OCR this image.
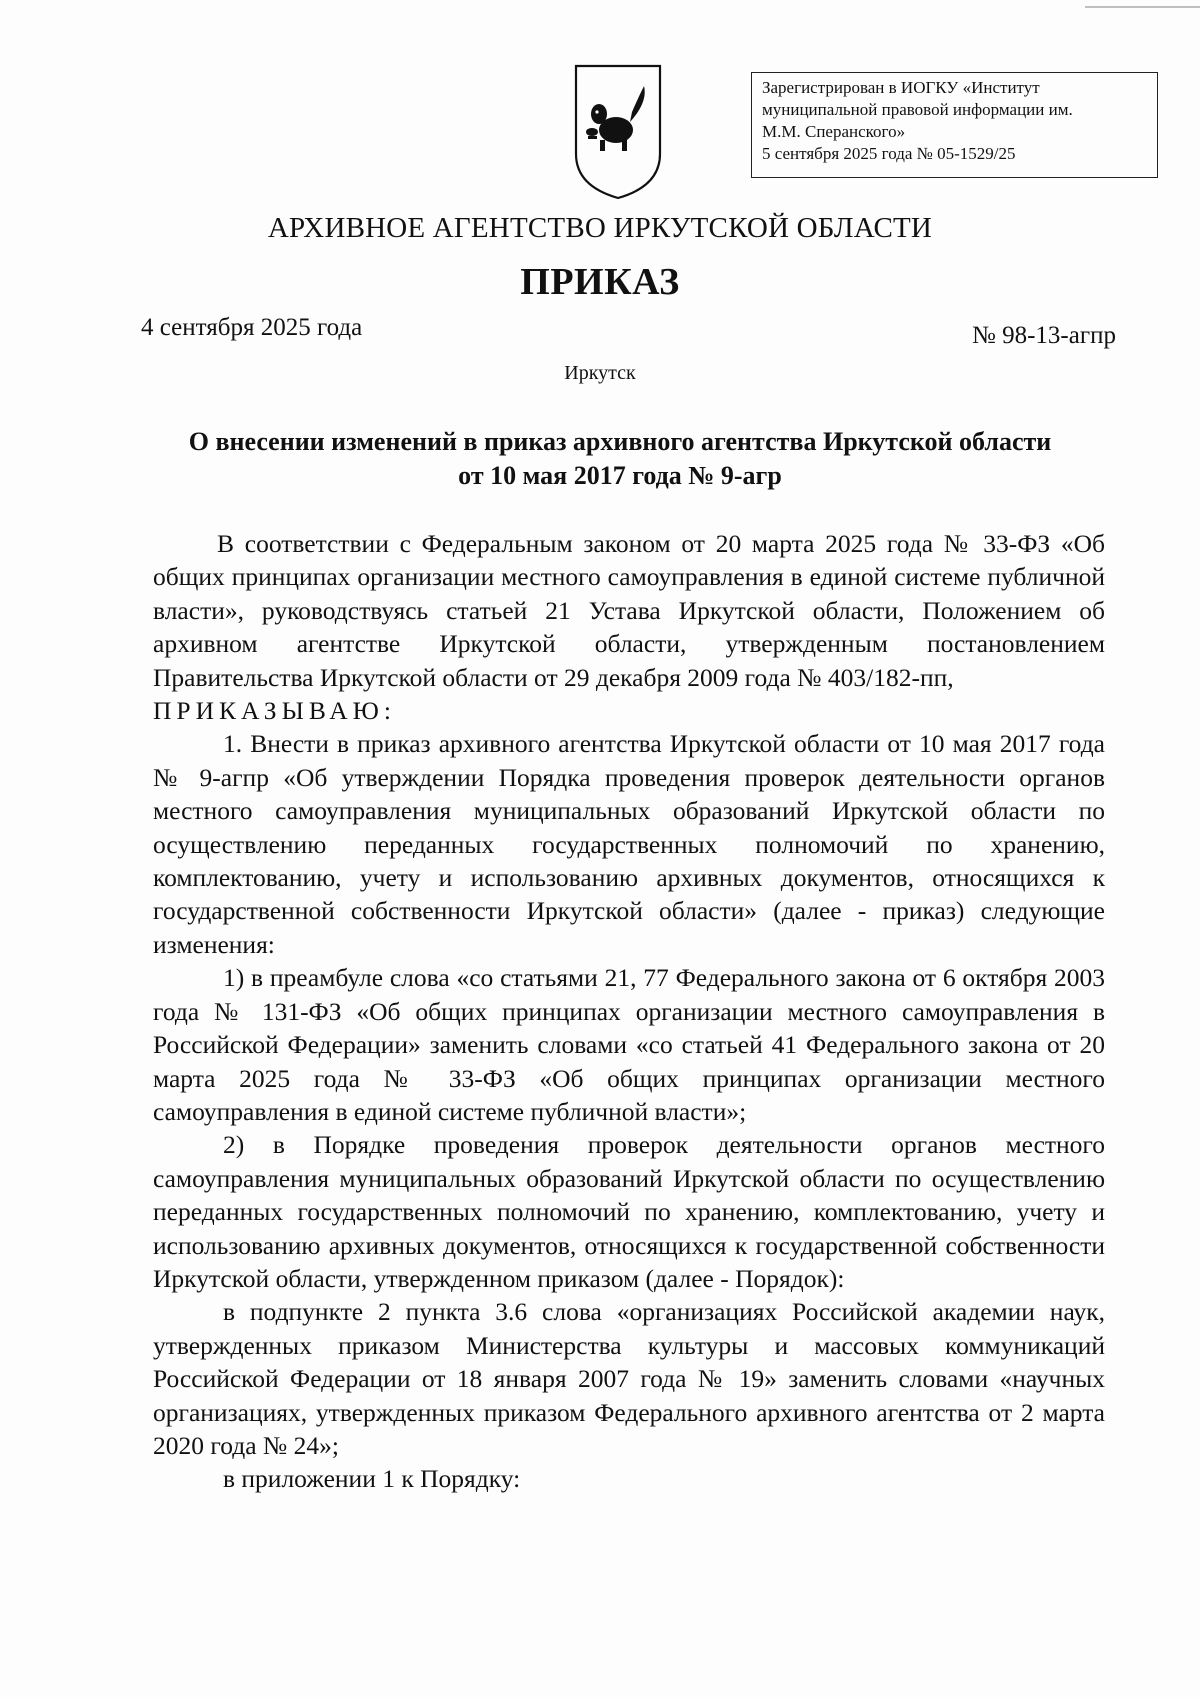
Зарегистрирован в ИОГКУ «Институт
муниципальной правовой информации им.
М.М. Сперанского»
5 сентября 2025 года № 05-1529/25
АРХИВНОЕ АГЕНТСТВО ИРКУТСКОЙ ОБЛАСТИ
ПРИКАЗ
4 сентября 2025 года	№ 98-13-агпр
Иркутск
О внесении изменений в приказ архивного агентства Иркутской области
от 10 мая 2017 года № 9-агр

В соответствии с Федеральным законом от 20 марта 2025 года № 33-ФЗ «Об общих принципах организации местного самоуправления в единой системе публичной власти», руководствуясь статьей 21 Устава Иркутской области, Положением об архивном агентстве Иркутской области, утвержденным постановлением Правительства Иркутской области от 29 декабря 2009 года № 403/182-пп,

ПРИКАЗЫВАЮ:

1. Внести в приказ архивного агентства Иркутской области от 10 мая 2017 года № 9-агпр «Об утверждении Порядка проведения проверок деятельности органов местного самоуправления муниципальных образований Иркутской области по осуществлению переданных государственных полномочий по хранению, комплектованию, учету и использованию архивных документов, относящихся к государственной собственности Иркутской области» (далее - приказ) следующие изменения:

1) в преамбуле слова «со статьями 21, 77 Федерального закона от 6 октября 2003 года № 131-ФЗ «Об общих принципах организации местного самоуправления в Российской Федерации» заменить словами «со статьей 41 Федерального закона от 20 марта 2025 года № 33-ФЗ «Об общих принципах организации местного самоуправления в единой системе публичной власти»;

2) в Порядке проведения проверок деятельности органов местного самоуправления муниципальных образований Иркутской области по осуществлению переданных государственных полномочий по хранению, комплектованию, учету и использованию архивных документов, относящихся к государственной собственности Иркутской области, утвержденном приказом (далее - Порядок):

в подпункте 2 пункта 3.6 слова «организациях Российской академии наук, утвержденных приказом Министерства культуры и массовых коммуникаций Российской Федерации от 18 января 2007 года № 19» заменить словами «научных организациях, утвержденных приказом Федерального архивного агентства от 2 марта 2020 года № 24»;

в приложении 1 к Порядку:
